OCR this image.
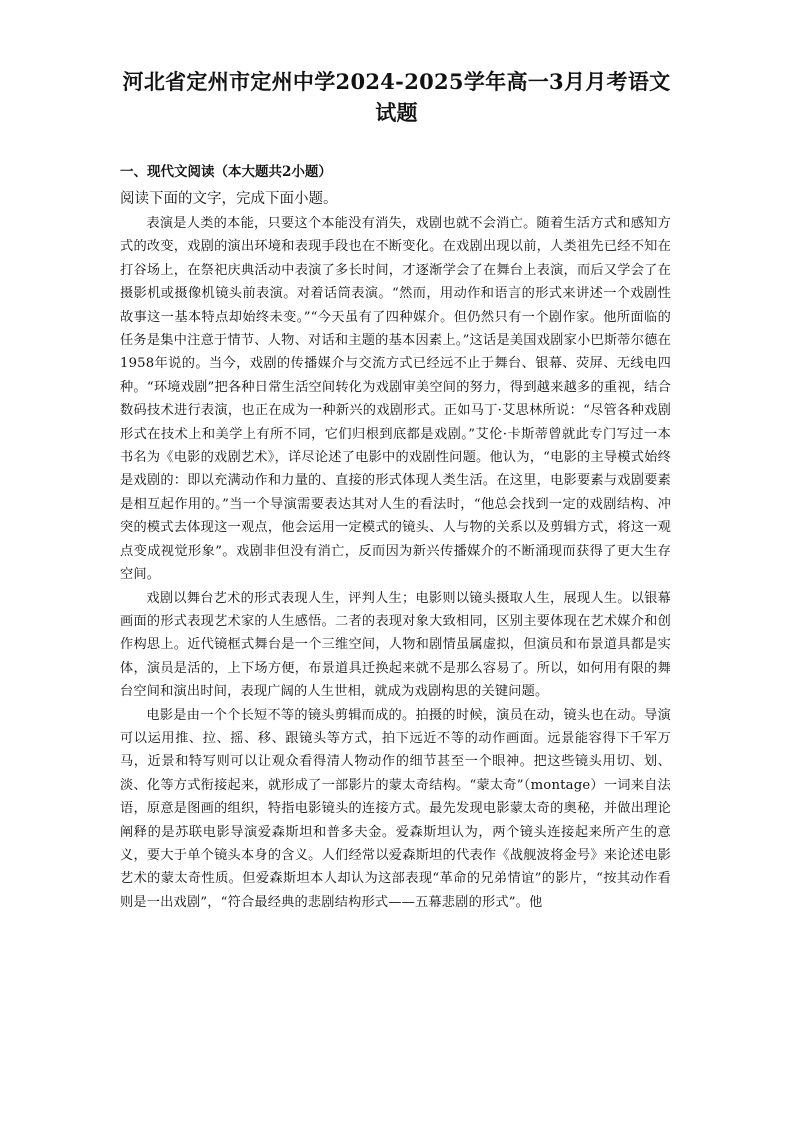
河北省定州市定州中学2024-2025学年高一3月月考语文
试题
一、现代文阅读（本大题共2小题）
阅读下面的文字，完成下面小题。

表演是人类的本能，只要这个本能没有消失，戏剧也就不会消亡。随着生活方式和感知方式的改变，戏剧的演出环境和表现手段也在不断变化。在戏剧出现以前，人类祖先已经不知在打谷场上，在祭祀庆典活动中表演了多长时间，才逐渐学会了在舞台上表演，而后又学会了在摄影机或摄像机镜头前表演。对着话筒表演。“然而，用动作和语言的形式来讲述一个戏剧性故事这一基本特点却始终未变。”“今天虽有了四种媒介。但仍然只有一个剧作家。他所面临的任务是集中注意于情节、人物、对话和主题的基本因素上。”这话是美国戏剧家小巴斯蒂尔德在1958年说的。当今，戏剧的传播媒介与交流方式已经远不止于舞台、银幕、荧屏、无线电四种。“环境戏剧”把各种日常生活空间转化为戏剧审美空间的努力，得到越来越多的重视，结合数码技术进行表演，也正在成为一种新兴的戏剧形式。正如马丁·艾思林所说：“尽管各种戏剧形式在技术上和美学上有所不同，它们归根到底都是戏剧。”艾伦·卡斯蒂曾就此专门写过一本书名为《电影的戏剧艺术》，详尽论述了电影中的戏剧性问题。他认为，“电影的主导模式始终是戏剧的：即以充满动作和力量的、直接的形式体现人类生活。在这里，电影要素与戏剧要素是相互起作用的。”当一个导演需要表达其对人生的看法时，“他总会找到一定的戏剧结构、冲突的模式去体现这一观点，他会运用一定模式的镜头、人与物的关系以及剪辑方式，将这一观点变成视觉形象”。戏剧非但没有消亡，反而因为新兴传播媒介的不断涌现而获得了更大生存空间。

戏剧以舞台艺术的形式表现人生，评判人生；电影则以镜头摄取人生，展现人生。以银幕画面的形式表现艺术家的人生感悟。二者的表现对象大致相同，区别主要体现在艺术媒介和创作构思上。近代镜框式舞台是一个三维空间，人物和剧情虽属虚拟，但演员和布景道具都是实体，演员是活的，上下场方便，布景道具迁换起来就不是那么容易了。所以，如何用有限的舞台空间和演出时间，表现广阔的人生世相，就成为戏剧构思的关键问题。

电影是由一个个长短不等的镜头剪辑而成的。拍摄的时候，演员在动，镜头也在动。导演可以运用推、拉、摇、移、跟镜头等方式，拍下远近不等的动作画面。远景能容得下千军万马，近景和特写则可以让观众看得清人物动作的细节甚至一个眼神。把这些镜头用切、划、淡、化等方式衔接起来，就形成了一部影片的蒙太奇结构。“蒙太奇”（montage）一词来自法语，原意是图画的组织，特指电影镜头的连接方式。最先发现电影蒙太奇的奥秘，并做出理论阐释的是苏联电影导演爱森斯坦和普多夫金。爱森斯坦认为，两个镜头连接起来所产生的意义，要大于单个镜头本身的含义。人们经常以爱森斯坦的代表作《战舰波将金号》来论述电影艺术的蒙太奇性质。但爱森斯坦本人却认为这部表现“革命的兄弟情谊”的影片，“按其动作看则是一出戏剧”，“符合最经典的悲剧结构形式——五幕悲剧的形式”。他
